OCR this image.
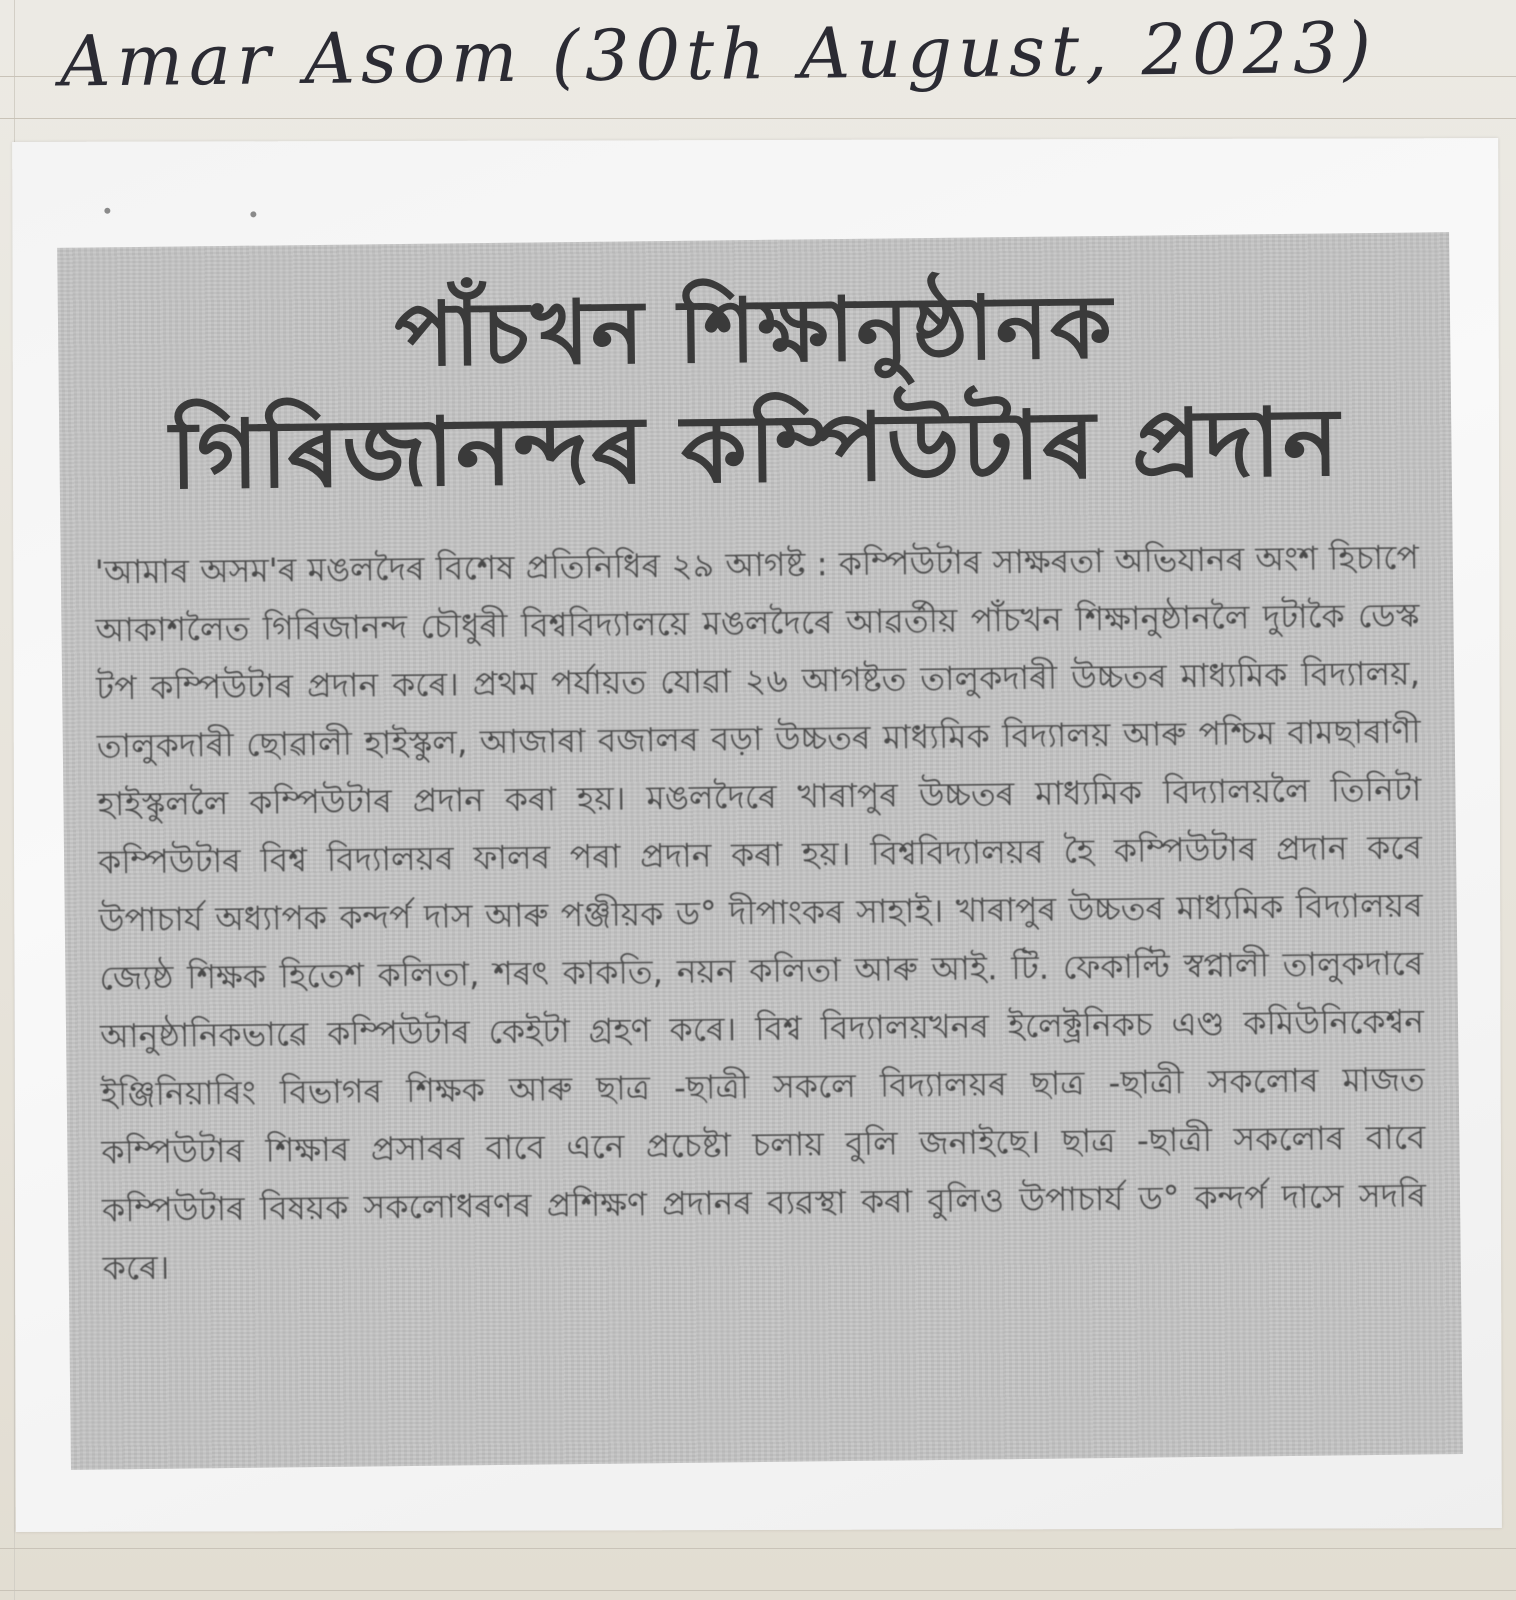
Amar Asom (30th August, 2023)
পাঁচখন শিক্ষানুষ্ঠানক
গিৰিজানন্দৰ কম্পিউটাৰ প্ৰদান

'আমাৰ অসম'ৰ মঙলদৈৰ বিশেষ প্ৰতিনিধিৰ ২৯ আগষ্ট : কম্পিউটাৰ সাক্ষৰতা অভিযানৰ অংশ হিচাপে আকাশলৈত গিৰিজানন্দ চৌধুৰী বিশ্ববিদ্যালয়ে মঙলদৈৰে আৱৰ্তীয় পাঁচখন শিক্ষানুষ্ঠানলৈ দুটাকৈ ডেস্ক টপ কম্পিউটাৰ প্ৰদান কৰে। প্ৰথম পৰ্যায়ত যোৱা ২৬ আগষ্টত তালুকদাৰী উচ্চতৰ মাধ্যমিক বিদ্যালয়, তালুকদাৰী ছোৱালী হাইস্কুল, আজাৰা বজালৰ বড়া উচ্চতৰ মাধ্যমিক বিদ্যালয় আৰু পশ্চিম বামছাৰাণী হাইস্কুললৈ কম্পিউটাৰ প্ৰদান কৰা হয়। মঙলদৈৰে খাৰাপুৰ উচ্চতৰ মাধ্যমিক বিদ্যালয়লৈ তিনিটা কম্পিউটাৰ বিশ্ব বিদ্যালয়ৰ ফালৰ পৰা প্ৰদান কৰা হয়। বিশ্ববিদ্যালয়ৰ হৈ কম্পিউটাৰ প্ৰদান কৰে উপাচাৰ্য অধ্যাপক কন্দৰ্প দাস আৰু পঞ্জীয়ক ড° দীপাংকৰ সাহাই। খাৰাপুৰ উচ্চতৰ মাধ্যমিক বিদ্যালয়ৰ জ্যেষ্ঠ শিক্ষক হিতেশ কলিতা, শৰৎ কাকতি, নয়ন কলিতা আৰু আই. টি. ফেকাল্টি স্বপ্নালী তালুকদাৰে আনুষ্ঠানিকভাৱে কম্পিউটাৰ কেইটা গ্ৰহণ কৰে। বিশ্ব বিদ্যালয়খনৰ ইলেক্ট্ৰনিকচ এণ্ড কমিউনিকেশ্বন ইঞ্জিনিয়াৰিং বিভাগৰ শিক্ষক আৰু ছাত্ৰ -ছাত্ৰী সকলে বিদ্যালয়ৰ ছাত্ৰ -ছাত্ৰী সকলোৰ মাজত কম্পিউটাৰ শিক্ষাৰ প্ৰসাৰৰ বাবে এনে প্ৰচেষ্টা চলায় বুলি জনাইছে। ছাত্ৰ -ছাত্ৰী সকলোৰ বাবে কম্পিউটাৰ বিষয়ক সকলোধৰণৰ প্ৰশিক্ষণ প্ৰদানৰ ব্যৱস্থা কৰা বুলিও উপাচাৰ্য ড° কন্দৰ্প দাসে সদৰি কৰে।
